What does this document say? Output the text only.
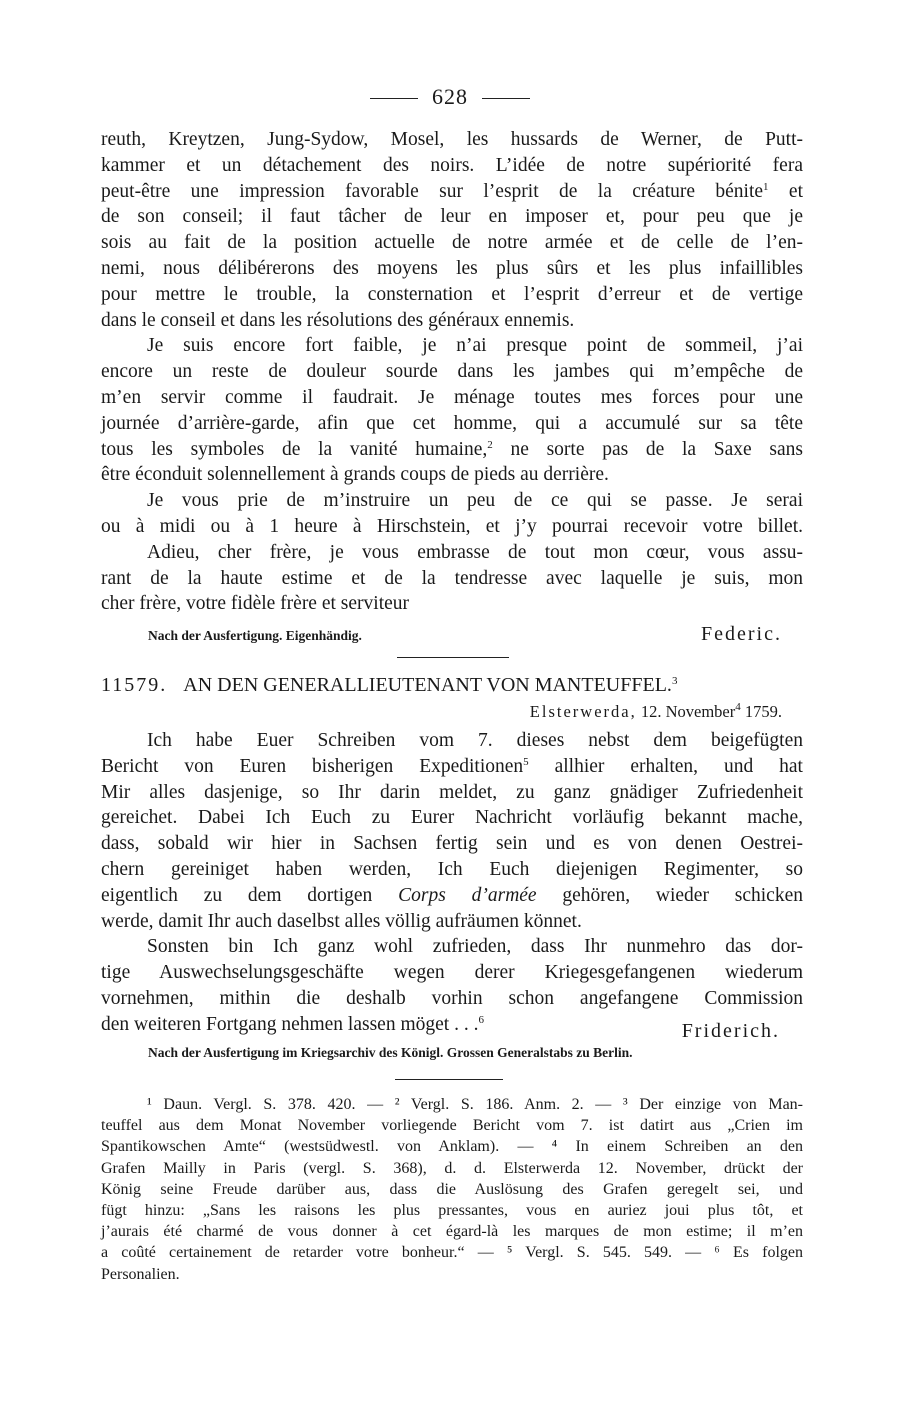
628
reuth, Kreytzen, Jung-Sydow, Mosel, les hussards de Werner, de Putt-
kammer et un détachement des noirs. L’idée de notre supériorité fera
peut-être une impression favorable sur l’esprit de la créature bénite$^1$ et
de son conseil; il faut tâcher de leur en imposer et, pour peu que je
sois au fait de la position actuelle de notre armée et de celle de l’en-
nemi, nous délibérerons des moyens les plus sûrs et les plus infaillibles
pour mettre le trouble, la consternation et l’esprit d’erreur et de vertige
dans le conseil et dans les résolutions des généraux ennemis.
Je suis encore fort faible, je n’ai presque point de sommeil, j’ai
encore un reste de douleur sourde dans les jambes qui m’empêche de
m’en servir comme il faudrait. Je ménage toutes mes forces pour une
journée d’arrière-garde, afin que cet homme, qui a accumulé sur sa tête
tous les symboles de la vanité humaine,$^2$ ne sorte pas de la Saxe sans
être éconduit solennellement à grands coups de pieds au derrière.
Je vous prie de m’instruire un peu de ce qui se passe. Je serai
ou à midi ou à 1 heure à Hirschstein, et j’y pourrai recevoir votre billet.
Adieu, cher frère, je vous embrasse de tout mon cœur, vous assu-
rant de la haute estime et de la tendresse avec laquelle je suis, mon
cher frère, votre fidèle frère et serviteur
Nach der Ausfertigung. Eigenhändig.	Federic.
11579. AN DEN GENERALLIEUTENANT VON MANTEUFFEL.$^3$
Elsterwerda, 12. November$^4$ 1759.
Ich habe Euer Schreiben vom 7. dieses nebst dem beigefügten
Bericht von Euren bisherigen Expeditionen$^5$ allhier erhalten, und hat
Mir alles dasjenige, so Ihr darin meldet, zu ganz gnädiger Zufriedenheit
gereichet. Dabei Ich Euch zu Eurer Nachricht vorläufig bekannt mache,
dass, sobald wir hier in Sachsen fertig sein und es von denen Oestrei-
chern gereiniget haben werden, Ich Euch diejenigen Regimenter, so
eigentlich zu dem dortigen Corps d’armée gehören, wieder schicken
werde, damit Ihr auch daselbst alles völlig aufräumen könnet.
Sonsten bin Ich ganz wohl zufrieden, dass Ihr nunmehro das dor-
tige Auswechselungsgeschäfte wegen derer Kriegesgefangenen wiederum
vornehmen, mithin die deshalb vorhin schon angefangene Commission
den weiteren Fortgang nehmen lassen möget . . .$^6$
Friderich.
Nach der Ausfertigung im Kriegsarchiv des Königl. Grossen Generalstabs zu Berlin.
¹ Daun. Vergl. S. 378. 420. — ² Vergl. S. 186. Anm. 2. — ³ Der einzige von Man-
teuffel aus dem Monat November vorliegende Bericht vom 7. ist datirt aus „Crien im
Spantikowschen Amte“ (westsüdwestl. von Anklam). — ⁴ In einem Schreiben an den
Grafen Mailly in Paris (vergl. S. 368), d. d. Elsterwerda 12. November, drückt der
König seine Freude darüber aus, dass die Auslösung des Grafen geregelt sei, und
fügt hinzu: „Sans les raisons les plus pressantes, vous en auriez joui plus tôt, et
j’aurais été charmé de vous donner à cet égard-là les marques de mon estime; il m’en
a coûté certainement de retarder votre bonheur.“ — ⁵ Vergl. S. 545. 549. — ⁶ Es folgen
Personalien.
